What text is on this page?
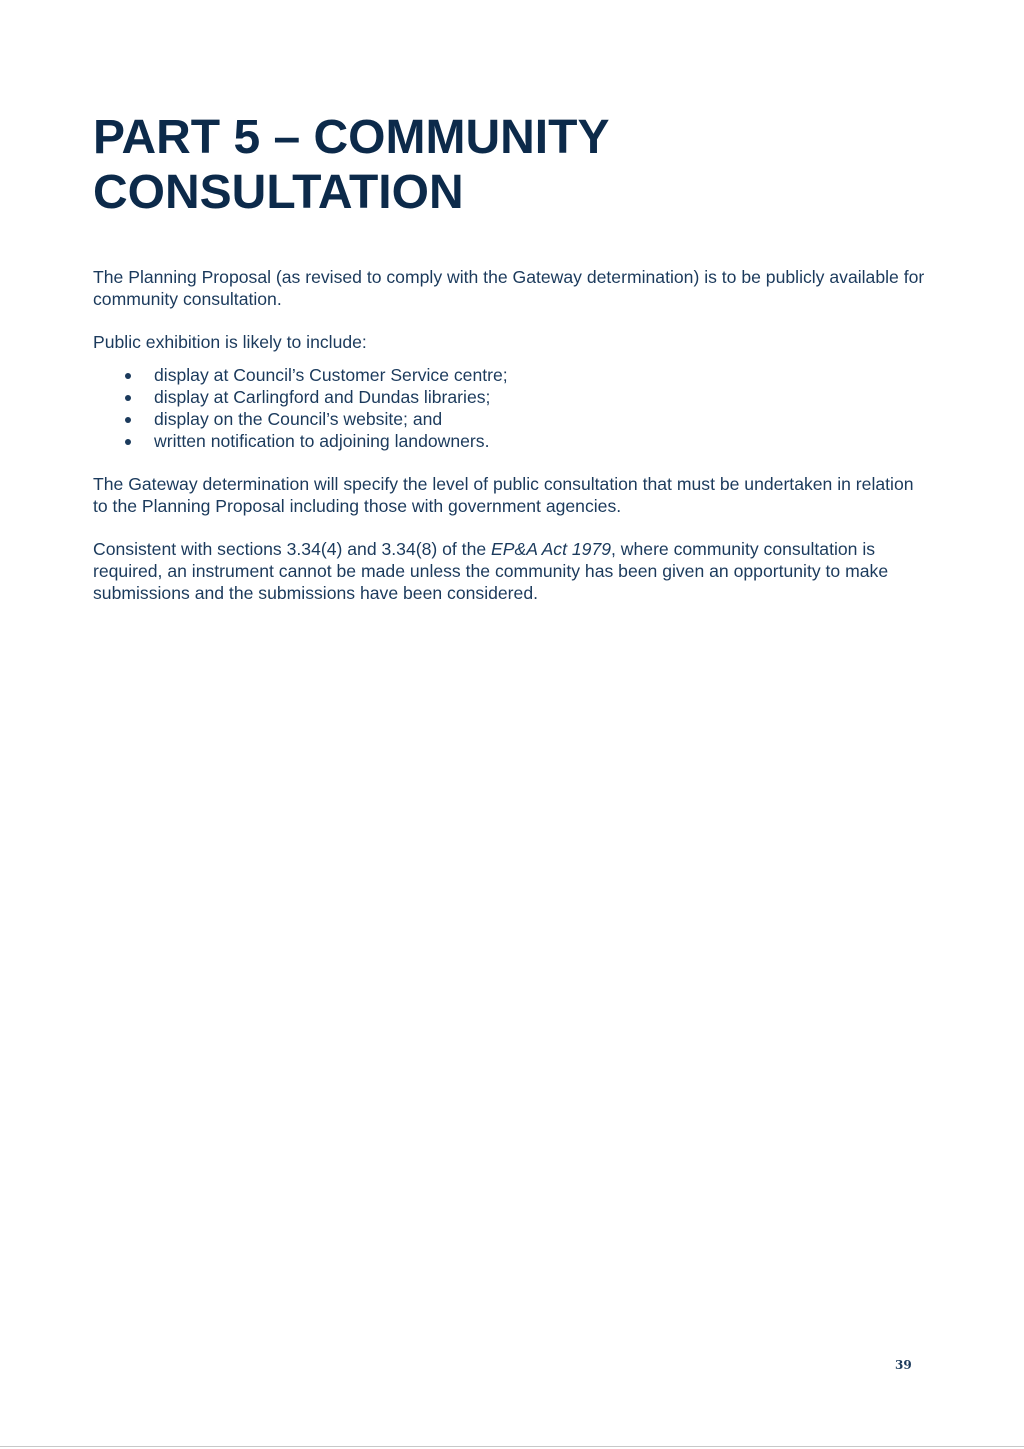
PART 5 – COMMUNITY
CONSULTATION

The Planning Proposal (as revised to comply with the Gateway determination) is to be publicly available for community consultation.

Public exhibition is likely to include:

display at Council’s Customer Service centre;
display at Carlingford and Dundas libraries;
display on the Council’s website; and
written notification to adjoining landowners.

The Gateway determination will specify the level of public consultation that must be undertaken in relation to the Planning Proposal including those with government agencies.

Consistent with sections 3.34(4) and 3.34(8) of the EP&A Act 1979, where community consultation is required, an instrument cannot be made unless the community has been given an opportunity to make submissions and the submissions have been considered.

39
